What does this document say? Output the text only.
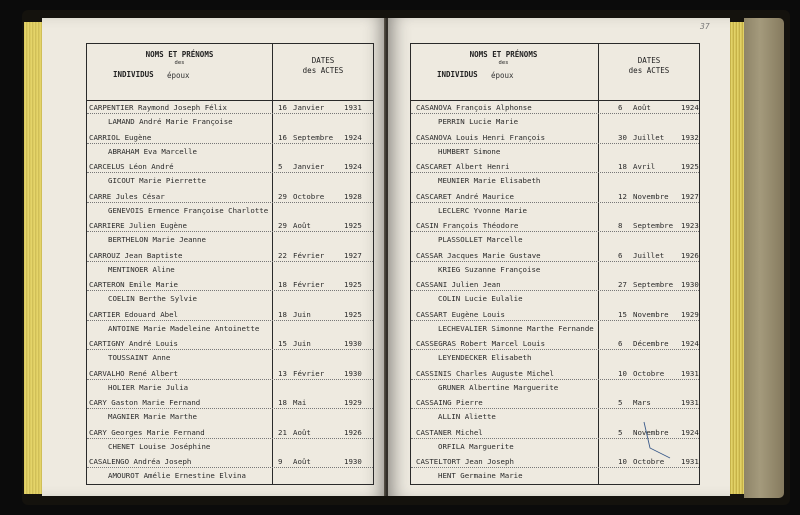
NOMS ET PRÉNOMS
des
INDIVIDUS époux
DATES
des ACTES
CARPENTIER Raymond Joseph Félix
LAMAND André Marie Françoise
16 Janvier	1931
CARRIOL Eugène
ABRAHAM Eva Marcelle
16 Septembre 1924
CARCELUS Léon André
GICOUT Marie Pierrette
5 Janvier	1924
CARRE Jules César
GENEVOIS Ermence Françoise Charlotte
29 Octobre	1928
CARRIERE Julien Eugène
BERTHELON Marie Jeanne
29 Août	1925
CARROUZ Jean Baptiste
MENTINOER Aline
22 Février	1927
CARTERON Emile Marie
COELIN Berthe Sylvie
18 Février	1925
CARTIER Edouard Abel
ANTOINE Marie Madeleine Antoinette
18 Juin	1925
CARTIGNY André Louis
TOUSSAINT Anne
15 Juin	1930
CARVALHO René Albert
HOLIER Marie Julia
13 Février	1930
CARY Gaston Marie Fernand
MAGNIER Marie Marthe
18 Mai	1929
CARY Georges Marie Fernand
CHENET Louise Joséphine
21 Août	1926
CASALENGO Andréa Joseph
AMOUROT Amélie Ernestine Elvina
9 Août	1930
37
NOMS ET PRÉNOMS
des
INDIVIDUS époux
DATES
des ACTES
CASANOVA François Alphonse
PERRIN Lucie Marie
6 Août	1924
CASANOVA Louis Henri François
HUMBERT Simone
30 Juillet 1932
CASCARET Albert Henri
MEUNIER Marie Elisabeth
18 Avril	1925
CASCARET André Maurice
LECLERC Yvonne Marie
12 Novembre 1927
CASIN François Théodore
PLASSOLLET Marcelle
8 Septembre 1923
CASSAR Jacques Marie Gustave
KRIEG Suzanne Françoise
6 Juillet 1926
CASSANI Julien Jean
COLIN Lucie Eulalie
27 Septembre 1930
CASSART Eugène Louis
LECHEVALIER Simonne Marthe Fernande
15 Novembre 1929
CASSEGRAS Robert Marcel Louis
LEYENDECKER Elisabeth
6 Décembre 1924
CASSINIS Charles Auguste Michel
GRUNER Albertine Marguerite
10 Octobre 1931
CASSAING Pierre
ALLIN Aliette
5 Mars	1931
CASTANER Michel
ORFILA Marguerite
5 Novembre 1924
CASTELTORT Jean Joseph
HENT Germaine Marie
10 Octobre 1931
